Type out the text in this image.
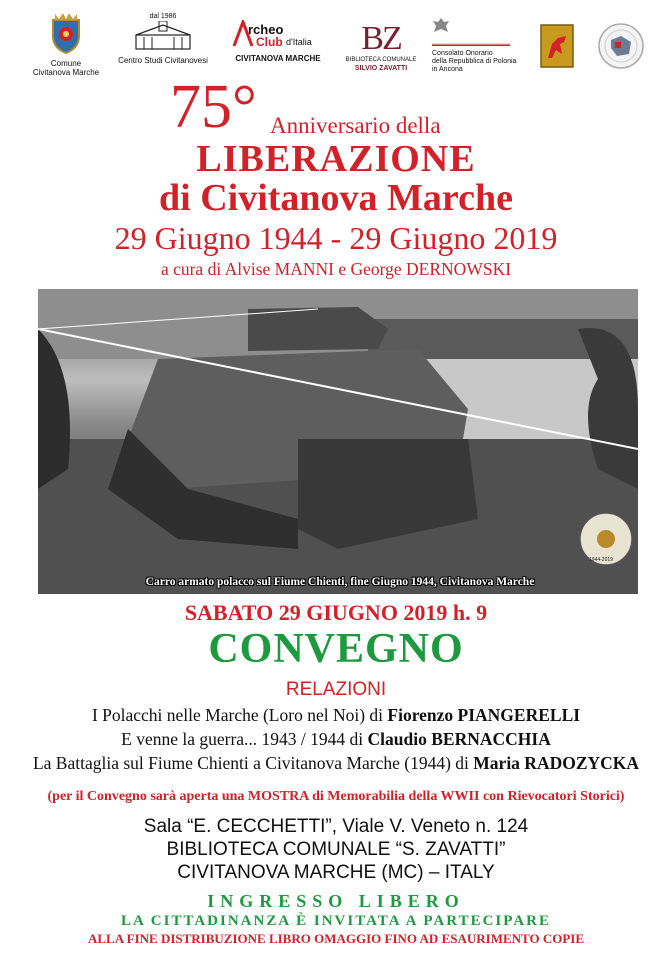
Comune
Civitanova Marche
dal 1986
Centro Studi Civitanovesi
rcheo
Club d'Italia
CIVITANOVA MARCHE
BZ
BIBLIOTECA COMUNALE
SILVIO ZAVATTI
Consolato Onorario
della Repubblica di Polonia
in Ancona
75° Anniversario della
LIBERAZIONE
di Civitanova Marche
29 Giugno 1944 - 29 Giugno 2019
a cura di Alvise MANNI e George DERNOWSKI
1944-2019
Carro armato polacco sul Fiume Chienti, fine Giugno 1944, Civitanova Marche
SABATO 29 GIUGNO 2019 h. 9
CONVEGNO
RELAZIONI
I Polacchi nelle Marche (Loro nel Noi) di Fiorenzo PIANGERELLI
E venne la guerra... 1943 / 1944 di Claudio BERNACCHIA
La Battaglia sul Fiume Chienti a Civitanova Marche (1944) di Maria RADOZYCKA
(per il Convegno sarà aperta una MOSTRA di Memorabilia della WWII con Rievocatori Storici)
Sala “E. CECCHETTI”, Viale V. Veneto n. 124
BIBLIOTECA COMUNALE “S. ZAVATTI”
CIVITANOVA MARCHE (MC) – ITALY
INGRESSO LIBERO
LA CITTADINANZA È INVITATA A PARTECIPARE
ALLA FINE DISTRIBUZIONE LIBRO OMAGGIO FINO AD ESAURIMENTO COPIE
